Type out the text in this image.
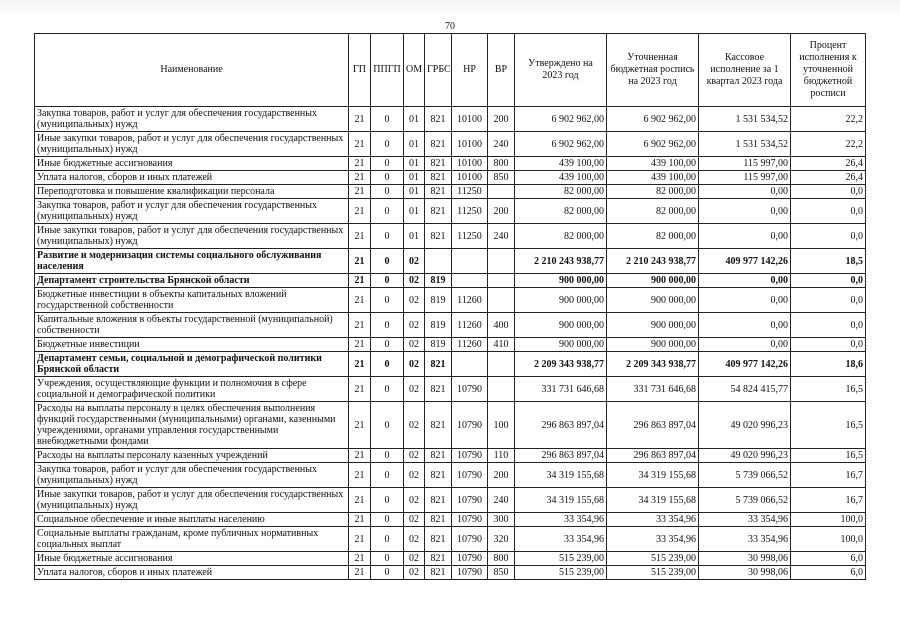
70
Наименование	ГП	ППГП	ОМ	ГРБС	НР	ВР	Утверждено на 2023 год	Уточненная бюджетная роспись на 2023 год	Кассовое исполнение за 1 квартал 2023 года	Процент исполнения к уточненной бюджетной росписи
Закупка товаров, работ и услуг для обеспечения государственных (муниципальных) нужд	21	0	01	821	10100	200	6 902 962,00	6 902 962,00	1 531 534,52	22,2
Иные закупки товаров, работ и услуг для обеспечения государственных (муниципальных) нужд	21	0	01	821	10100	240	6 902 962,00	6 902 962,00	1 531 534,52	22,2
Иные бюджетные ассигнования	21	0	01	821	10100	800	439 100,00	439 100,00	115 997,00	26,4
Уплата налогов, сборов и иных платежей	21	0	01	821	10100	850	439 100,00	439 100,00	115 997,00	26,4
Переподготовка и повышение квалификации персонала	21	0	01	821	11250		82 000,00	82 000,00	0,00	0,0
Закупка товаров, работ и услуг для обеспечения государственных (муниципальных) нужд	21	0	01	821	11250	200	82 000,00	82 000,00	0,00	0,0
Иные закупки товаров, работ и услуг для обеспечения государственных (муниципальных) нужд	21	0	01	821	11250	240	82 000,00	82 000,00	0,00	0,0
Развитие и модернизация системы социального обслуживания населения	21	0	02				2 210 243 938,77	2 210 243 938,77	409 977 142,26	18,5
Департамент строительства Брянской области	21	0	02	819			900 000,00	900 000,00	0,00	0,0
Бюджетные инвестиции в объекты капитальных вложений государственной собственности	21	0	02	819	11260		900 000,00	900 000,00	0,00	0,0
Капитальные вложения в объекты государственной (муниципальной) собственности	21	0	02	819	11260	400	900 000,00	900 000,00	0,00	0,0
Бюджетные инвестиции	21	0	02	819	11260	410	900 000,00	900 000,00	0,00	0,0
Департамент семьи, социальной и демографической политики Брянской области	21	0	02	821			2 209 343 938,77	2 209 343 938,77	409 977 142,26	18,6
Учреждения, осуществляющие функции и полномочия в сфере социальной и демографической политики	21	0	02	821	10790		331 731 646,68	331 731 646,68	54 824 415,77	16,5
Расходы на выплаты персоналу в целях обеспечения выполнения функций государственными (муниципальными) органами, казенными учреждениями, органами управления государственными внебюджетными фондами	21	0	02	821	10790	100	296 863 897,04	296 863 897,04	49 020 996,23	16,5
Расходы на выплаты персоналу казенных учреждений	21	0	02	821	10790	110	296 863 897,04	296 863 897,04	49 020 996,23	16,5
Закупка товаров, работ и услуг для обеспечения государственных (муниципальных) нужд	21	0	02	821	10790	200	34 319 155,68	34 319 155,68	5 739 066,52	16,7
Иные закупки товаров, работ и услуг для обеспечения государственных (муниципальных) нужд	21	0	02	821	10790	240	34 319 155,68	34 319 155,68	5 739 066,52	16,7
Социальное обеспечение и иные выплаты населению	21	0	02	821	10790	300	33 354,96	33 354,96	33 354,96	100,0
Социальные выплаты гражданам, кроме публичных нормативных социальных выплат	21	0	02	821	10790	320	33 354,96	33 354,96	33 354,96	100,0
Иные бюджетные ассигнования	21	0	02	821	10790	800	515 239,00	515 239,00	30 998,06	6,0
Уплата налогов, сборов и иных платежей	21	0	02	821	10790	850	515 239,00	515 239,00	30 998,06	6,0
